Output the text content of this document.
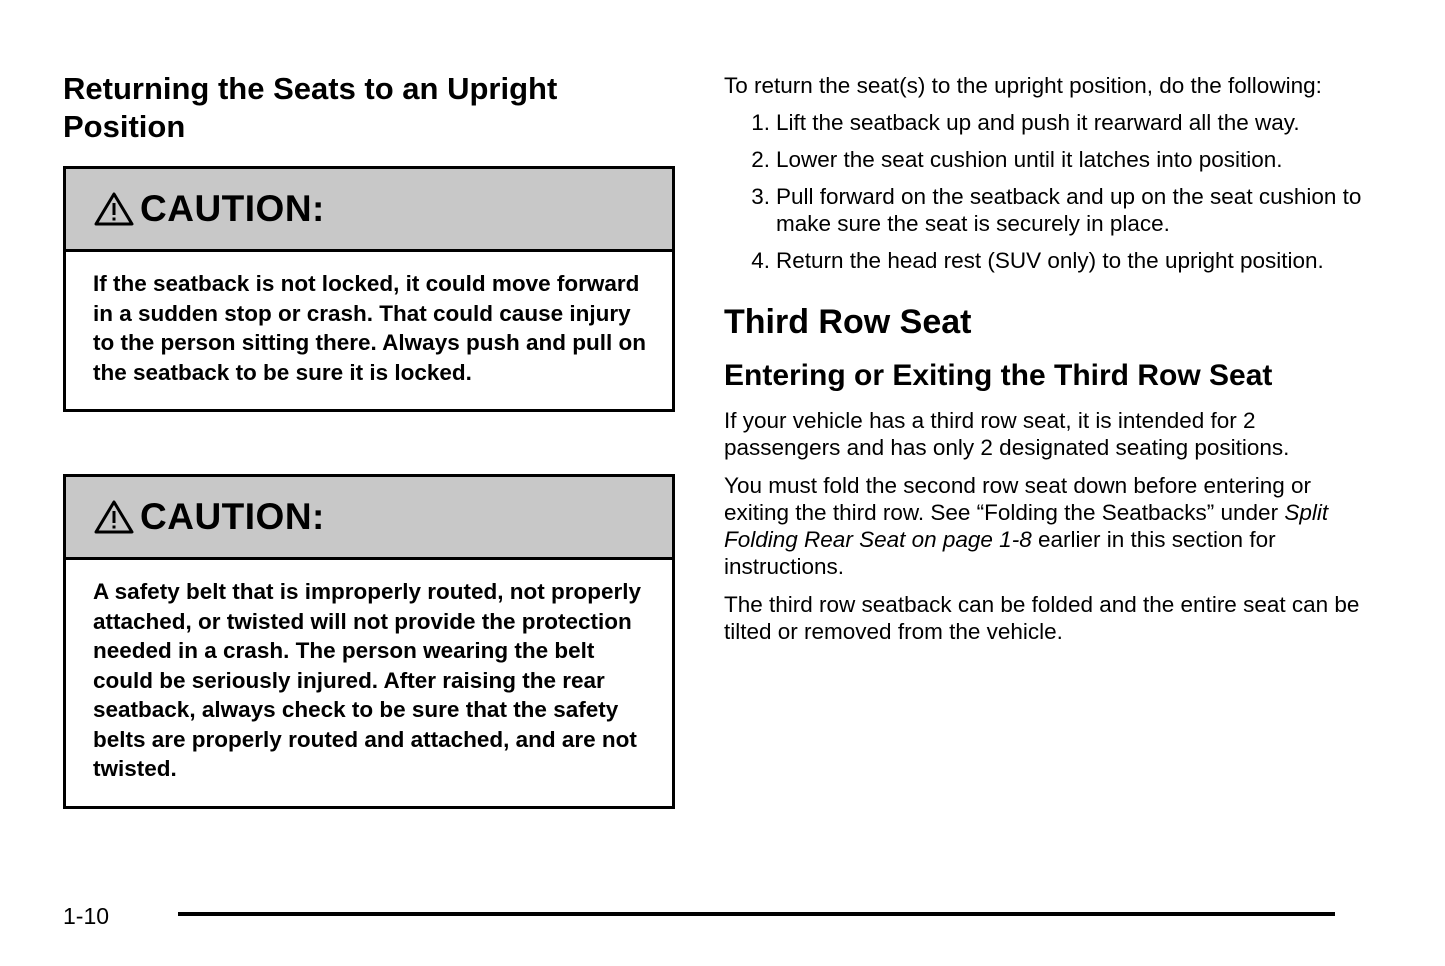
Returning the Seats to an Upright Position
CAUTION:
If the seatback is not locked, it could move forward in a sudden stop or crash. That could cause injury to the person sitting there. Always push and pull on the seatback to be sure it is locked.
CAUTION:
A safety belt that is improperly routed, not properly attached, or twisted will not provide the protection needed in a crash. The person wearing the belt could be seriously injured. After raising the rear seatback, always check to be sure that the safety belts are properly routed and attached, and are not twisted.

To return the seat(s) to the upright position, do the following:

1. Lift the seatback up and push it rearward all the way.
2. Lower the seat cushion until it latches into position.
3. Pull forward on the seatback and up on the seat cushion to make sure the seat is securely in place.
4. Return the head rest (SUV only) to the upright position.
Third Row Seat
Entering or Exiting the Third Row Seat

If your vehicle has a third row seat, it is intended for 2 passengers and has only 2 designated seating positions.

You must fold the second row seat down before entering or exiting the third row. See “Folding the Seatbacks” under Split Folding Rear Seat on page 1-8 earlier in this section for instructions.

The third row seatback can be folded and the entire seat can be tilted or removed from the vehicle.

1-10
